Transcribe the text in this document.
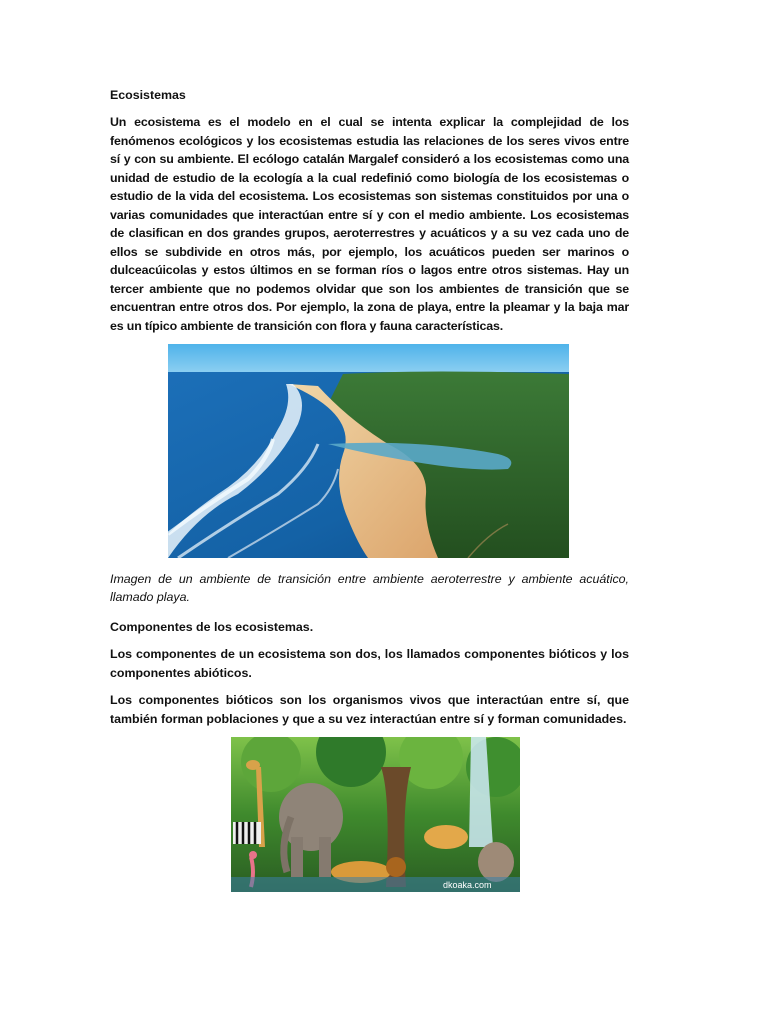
Ecosistemas

Un ecosistema es el modelo en el cual se intenta explicar la complejidad de los fenómenos ecológicos y los ecosistemas estudia las relaciones de los seres vivos entre sí y con su ambiente. El ecólogo catalán Margalef consideró a los ecosistemas como una unidad de estudio de la ecología a la cual redefinió como biología de los ecosistemas o estudio de la vida del ecosistema. Los ecosistemas son sistemas constituidos por una o varias comunidades que interactúan entre sí y con el medio ambiente. Los ecosistemas de clasifican en dos grandes grupos, aeroterrestres y acuáticos y a su vez cada uno de ellos se subdivide en otros más, por ejemplo, los acuáticos pueden ser marinos o dulceacúicolas y estos últimos en se forman ríos o lagos entre otros sistemas. Hay un tercer ambiente que no podemos olvidar que son los ambientes de transición que se encuentran entre otros dos. Por ejemplo, la zona de playa, entre la pleamar y la baja mar es un típico ambiente de transición con flora y fauna características.

Imagen de un ambiente de transición entre ambiente aeroterrestre y ambiente acuático, llamado playa.

Componentes de los ecosistemas.

Los componentes de un ecosistema son dos, los llamados componentes bióticos y los componentes abióticos.

Los componentes bióticos son los organismos vivos que interactúan entre sí, que también forman poblaciones y que a su vez interactúan entre sí y forman comunidades.

dkoaka.com
